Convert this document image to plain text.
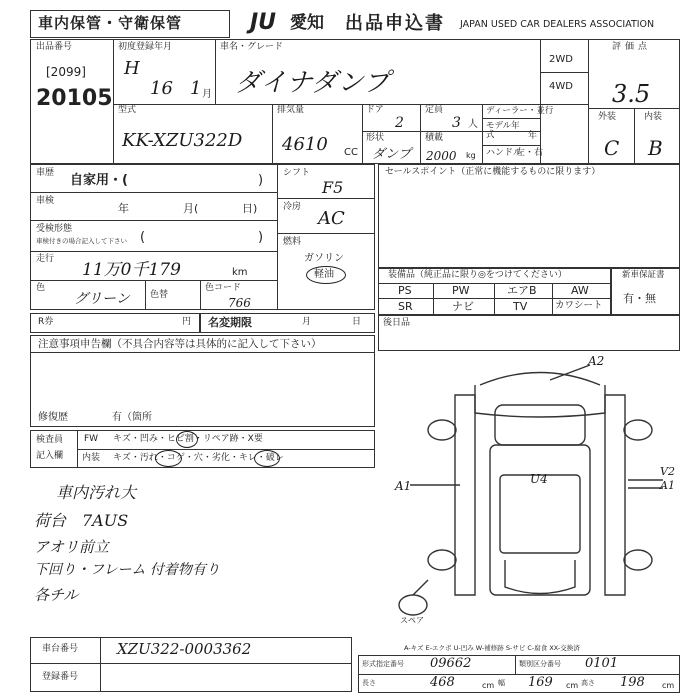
車内保管・守衛保管	JU 愛知 出品申込書 JAPAN USED CAR DEALERS ASSOCIATION
出品番号
[2099]
20105
初度登録年月
H
16 1 月
車名・グレード
ダイナダンプ
2WD
4WD
評価点
3.5
外装	内装
C B
型式
KK-XZU322D
排気量
4610 CC
ドア
2
定員
3 人
ディーラー・並行
モデル年式	年
形状
ダンプ
積載
2000 kg ハンドル
左・右
車歴 自家用・(	) シフト
F5
車検
年	月(	日)	冷房
AC
受検形態
車検付きの場合記入して下さい (	) 燃料
ガソリン
軽油
走行
11万0千179	km
色
グリーン 色替
色コード
766
セールスポイント（正常に機能するものに限ります）
装備品（純正品に限り◎をつけてください）
PS	PW	エアB	AW
SR	ナビ	TV	カワシート
新車保証書
有・無
R券	円 名変期限	月	日 後日品
注意事項申告欄（不具合内容等は具体的に記入して下さい）
修復歴	有（箇所
検査員
記入欄
FW キズ・凹み・ヒビ割・リペア跡・X要
内装 キズ・汚れ・コゲ・穴・劣化・キレ・破レ
車内汚れ大
荷台　7AUS
アオリ前立
下回り・フレーム 付着物有り
各チル
A2
A1	U4
V2
A1
スペア
A-キズ E-エクボ U-凹み W-補修跡 S-サビ C-腐食 XX-交換済
車台番号	XZU322-0003362
登録番号
形式指定番号 09662	類別区分番号 0101
長さ	468	cm 幅 169 cm 高さ 198 cm
